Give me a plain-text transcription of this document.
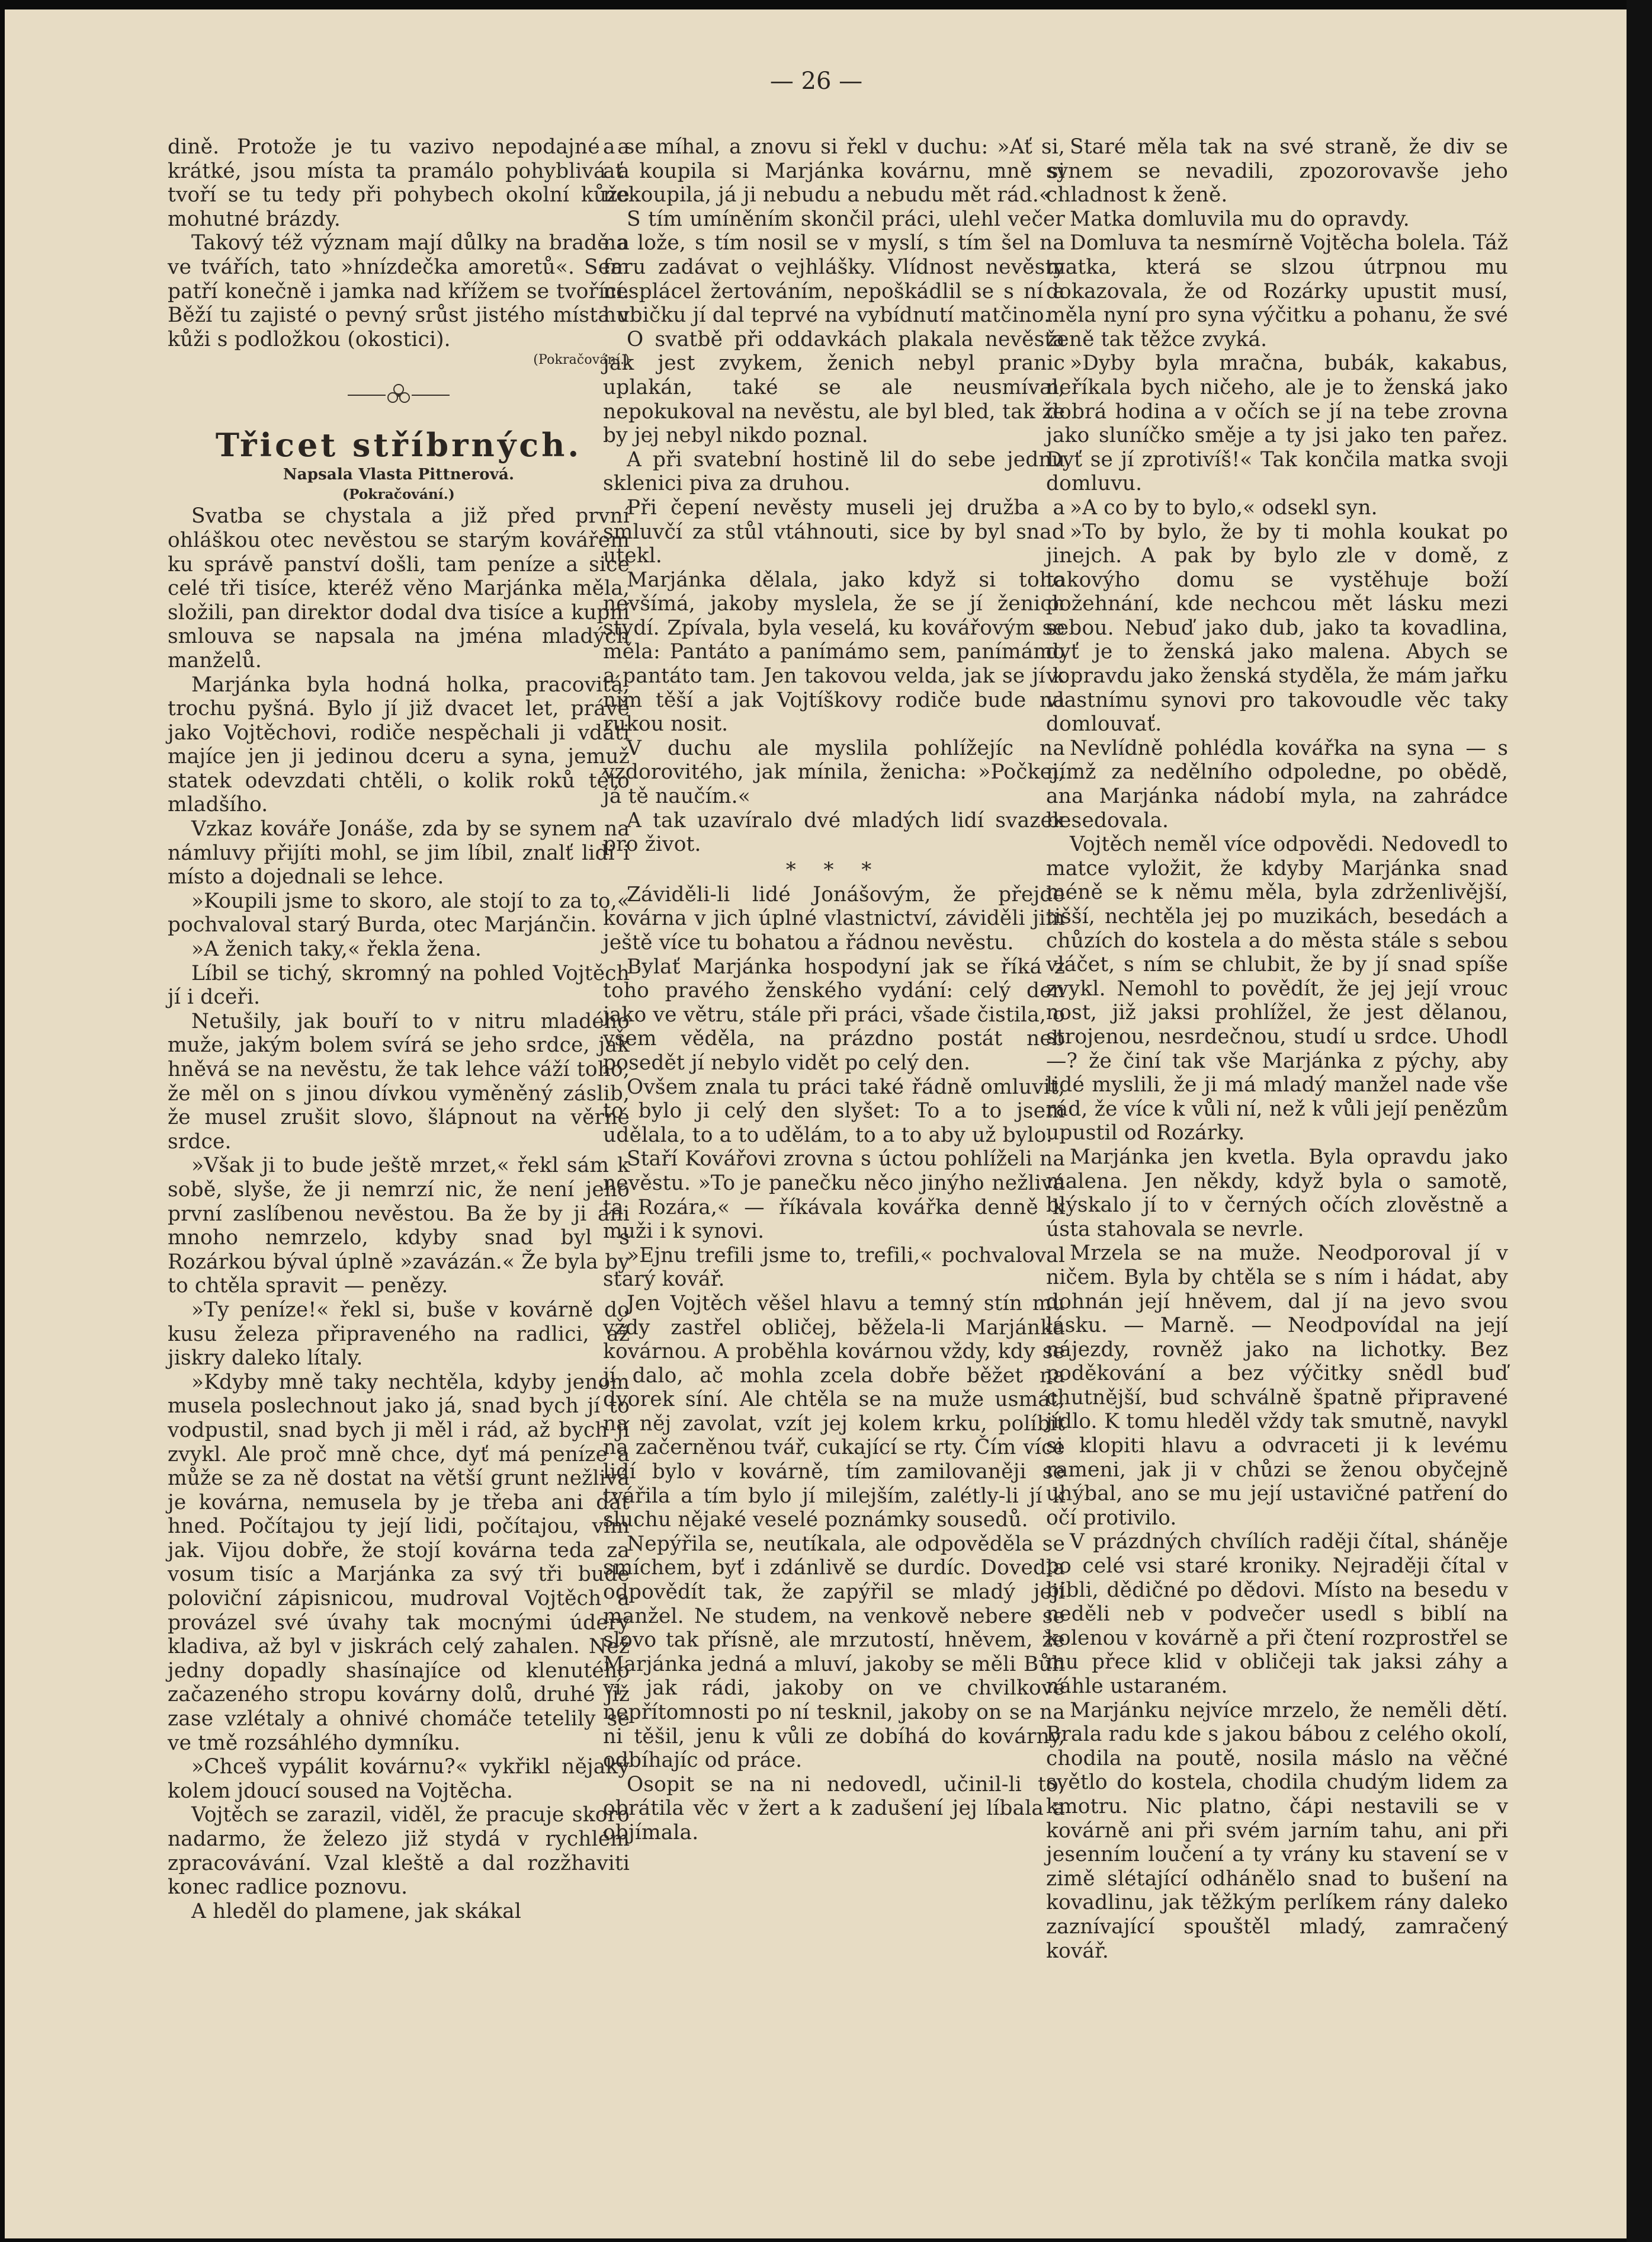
— 26 —

dině. Protože je tu vazivo nepodajné a krátké, jsou místa ta pramálo pohyblivá a tvoří se tu tedy při pohybech okolní kůže mohutné brázdy.

Takový též význam mají důlky na bradě a ve tvářích, tato »hnízdečka amoretů«. Sem patří konečně i jamka nad křížem se tvořící. Běží tu zajisté o pevný srůst jistého místa v kůži s podložkou (okostici).

(Pokračování.)

Třicet stříbrných.

Napsala Vlasta Pittnerová.

(Pokračování.)

Svatba se chystala a již před první ohláškou otec nevěstou se starým kovářem ku správě panství došli, tam peníze a sice celé tři tisíce, kteréž věno Marjánka měla, složili, pan direktor dodal dva tisíce a kupní smlouva se napsala na jména mladých manželů.

Marjánka byla hodná holka, pracovitá, trochu pyšná. Bylo jí již dvacet let, právě jako Vojtěchovi, rodiče nespěchali ji vdáti majíce jen ji jedinou dceru a syna, jemuž statek odevzdati chtěli, o kolik roků této mladšího.

Vzkaz kováře Jonáše, zda by se synem na námluvy přijíti mohl, se jim líbil, znalť lidi i místo a dojednali se lehce.

»Koupili jsme to skoro, ale stojí to za to,« pochvaloval starý Burda, otec Marjánčin.

»A ženich taky,« řekla žena.

Líbil se tichý, skromný na pohled Vojtěch jí i dceři.

Netušily, jak bouří to v nitru mladého muže, jakým bolem svírá se jeho srdce, jak hněvá se na nevěstu, že tak lehce váží toho, že měl on s jinou dívkou vyměněný záslib, že musel zrušit slovo, šlápnout na věrné srdce.

»Však ji to bude ještě mrzet,« řekl sám k sobě, slyše, že ji nemrzí nic, že není jeho první zaslíbenou nevěstou. Ba že by ji ani mnoho nemrzelo, kdyby snad byl s Rozárkou býval úplně »zavázán.« Že byla by to chtěla spravit — penězy.

»Ty peníze!« řekl si, buše v kovárně do kusu železa připraveného na radlici, až jiskry daleko lítaly.

»Kdyby mně taky nechtěla, kdyby jenom musela poslechnout jako já, snad bych jí to vodpustil, snad bych ji měl i rád, až bych jí zvykl. Ale proč mně chce, dyť má peníze a může se za ně dostat na větší grunt nežlivá je kovárna, nemusela by je třeba ani dát hned. Počítajou ty její lidi, počítajou, vím jak. Vijou dobře, že stojí kovárna teda za vosum tisíc a Marjánka za svý tři bude poloviční zápisnicou, mudroval Vojtěch a provázel své úvahy tak mocnými údery kladiva, až byl v jiskrách celý zahalen. Než jedny dopadly shasínajíce od klenutého začazeného stropu kovárny dolů, druhé již zase vzlétaly a ohnivé chomáče tetelily se ve tmě rozsáhlého dymníku.

»Chceš vypálit kovárnu?« vykřikl nějaký kolem jdoucí soused na Vojtěcha.

Vojtěch se zarazil, viděl, že pracuje skoro nadarmo, že železo již stydá v rychlém zpracovávání. Vzal kleště a dal rozžhaviti konec radlice poznovu.

A hleděl do plamene, jak skákal

a se míhal, a znovu si řekl v duchu: »Ať si, ať koupila si Marjánka kovárnu, mně si nekoupila, já ji nebudu a nebudu mět rád.«

S tím umíněním skončil práci, ulehl večer na lože, s tím nosil se v myslí, s tím šel na faru zadávat o vejhlášky. Vlídnost nevěsty nesplácel žertováním, nepoškádlil se s ní a hubičku jí dal teprvé na vybídnutí matčino.

O svatbě při oddavkách plakala nevěsta jak jest zvykem, ženich nebyl pranic uplakán, také se ale neusmíval, nepokukoval na nevěstu, ale byl bled, tak že by jej nebyl nikdo poznal.

A při svatební hostině lil do sebe jednu sklenici piva za druhou.

Při čepení nevěsty museli jej družba a smluvčí za stůl vtáhnouti, sice by byl snad utekl.

Marjánka dělala, jako když si toho nevšímá, jakoby myslela, že se jí ženich stydí. Zpívala, byla veselá, ku kovářovým se měla: Pantáto a panímámo sem, panímámo a pantáto tam. Jen takovou velda, jak se jí k nim těší a jak Vojtíškovy rodiče bude na rukou nosit.

V duchu ale myslila pohlížejíc na vzdorovitého, jak mínila, ženicha: »Počkej, já tě naučím.«

A tak uzavíralo dvé mladých lidí svazek pro život.

* * *

Záviděli-li lidé Jonášovým, že přejde kovárna v jich úplné vlastnictví, záviděli jim ještě více tu bohatou a řádnou nevěstu.

Bylať Marjánka hospodyní jak se říká z toho pravého ženského vydání: celý den jako ve větru, stále při práci, všade čistila, o všem věděla, na prázdno postát neb posedět jí nebylo vidět po celý den.

Ovšem znala tu práci také řádně omluvit, to bylo ji celý den slyšet: To a to jsem udělala, to a to udělám, to a to aby už bylo.

Staří Kovářovi zrovna s úctou pohlíželi na nevěstu. »To je panečku něco jinýho nežlivá ta Rozára,« — říkávala kovářka denně k muži i k synovi.

»Ejnu trefili jsme to, trefili,« pochvaloval starý kovář.

Jen Vojtěch věšel hlavu a temný stín mu vždy zastřel obličej, běžela-li Marjánka kovárnou. A proběhla kovárnou vždy, kdy se jí dalo, ač mohla zcela dobře běžet na dvorek síní. Ale chtěla se na muže usmát, na něj zavolat, vzít jej kolem krku, políbit na začerněnou tvář, cukající se rty. Čím více lidí bylo v kovárně, tím zamilovaněji se tvářila a tím bylo jí milejším, zalétly-li jí k sluchu nějaké veselé poznámky sousedů.

Nepýřila se, neutíkala, ale odpověděla se smíchem, byť i zdánlivě se durdíc. Dovedla odpovědít tak, že zapýřil se mladý její manžel. Ne studem, na venkově nebere se slovo tak přísně, ale mrzutostí, hněvem, že Marjánka jedná a mluví, jakoby se měli Bůh ví jak rádi, jakoby on ve chvilkové nepřítomnosti po ní tesknil, jakoby on se na ni těšil, jenu k vůli ze dobíhá do kovárny, odbíhajíc od práce.

Osopit se na ni nedovedl, učinil-li to, obrátila věc v žert a k zadušení jej líbala a objímala.

Staré měla tak na své straně, že div se synem se nevadili, zpozorovavše jeho chladnost k ženě.

Matka domluvila mu do opravdy.

Domluva ta nesmírně Vojtěcha bolela. Táž matka, která se slzou útrpnou mu dokazovala, že od Rozárky upustit musí, měla nyní pro syna výčitku a pohanu, že své ženě tak těžce zvyká.

»Dyby byla mračna, bubák, kakabus, neříkala bych ničeho, ale je to ženská jako dobrá hodina a v očích se jí na tebe zrovna jako sluníčko směje a ty jsi jako ten pařez. Dyť se jí zprotivíš!« Tak končila matka svoji domluvu.

»A co by to bylo,« odsekl syn.

»To by bylo, že by ti mohla koukat po jinejch. A pak by bylo zle v domě, z takovýho domu se vystěhuje boží požehnání, kde nechcou mět lásku mezi sebou. Nebuď jako dub, jako ta kovadlina, dyť je to ženská jako malena. Abych se vopravdu jako ženská styděla, že mám jařku vlastnímu synovi pro takovoudle věc taky domlouvať.

Nevlídně pohlédla kovářka na syna — s nímž za nedělního odpoledne, po obědě, ana Marjánka nádobí myla, na zahrádce besedovala.

Vojtěch neměl více odpovědi. Nedovedl to matce vyložit, že kdyby Marjánka snad méně se k němu měla, byla zdrženlivější, tišší, nechtěla jej po muzikách, besedách a chůzích do kostela a do města stále s sebou vláčet, s ním se chlubit, že by jí snad spíše zvykl. Nemohl to povědít, že jej její vrouc nost, již jaksi prohlížel, že jest dělanou, strojenou, nesrdečnou, studí u srdce. Uhodl —? že činí tak vše Marjánka z pýchy, aby lidé myslili, že ji má mladý manžel nade vše rád, že více k vůli ní, než k vůli její penězům upustil od Rozárky.

Marjánka jen kvetla. Byla opravdu jako malena. Jen někdy, když byla o samotě, blýskalo jí to v černých očích zlověstně a ústa stahovala se nevrle.

Mrzela se na muže. Neodporoval jí v ničem. Byla by chtěla se s ním i hádat, aby dohnán její hněvem, dal jí na jevo svou lásku. — Marně. — Neodpovídal na její nájezdy, rovněž jako na lichotky. Bez poděkování a bez výčitky snědl buď chutnější, bud schválně špatně připravené jídlo. K tomu hleděl vždy tak smutně, navykl si klopiti hlavu a odvraceti ji k levému rameni, jak ji v chůzi se ženou obyčejně uhýbal, ano se mu její ustavičné patření do očí protivilo.

V prázdných chvílích raději čítal, sháněje po celé vsi staré kroniky. Nejraději čítal v bibli, dědičné po dědovi. Místo na besedu v neděli neb v podvečer usedl s biblí na kolenou v kovárně a při čtení rozprostřel se mu přece klid v obličeji tak jaksi záhy a náhle ustaraném.

Marjánku nejvíce mrzelo, že neměli dětí. Brala radu kde s jakou bábou z celého okolí, chodila na poutě, nosila máslo na věčné světlo do kostela, chodila chudým lidem za kmotru. Nic platno, čápi nestavili se v kovárně ani při svém jarním tahu, ani při jesenním loučení a ty vrány ku stavení se v zimě slétající odhánělo snad to bušení na kovadlinu, jak těžkým perlíkem rány daleko zaznívající spouštěl mladý, zamračený kovář.
